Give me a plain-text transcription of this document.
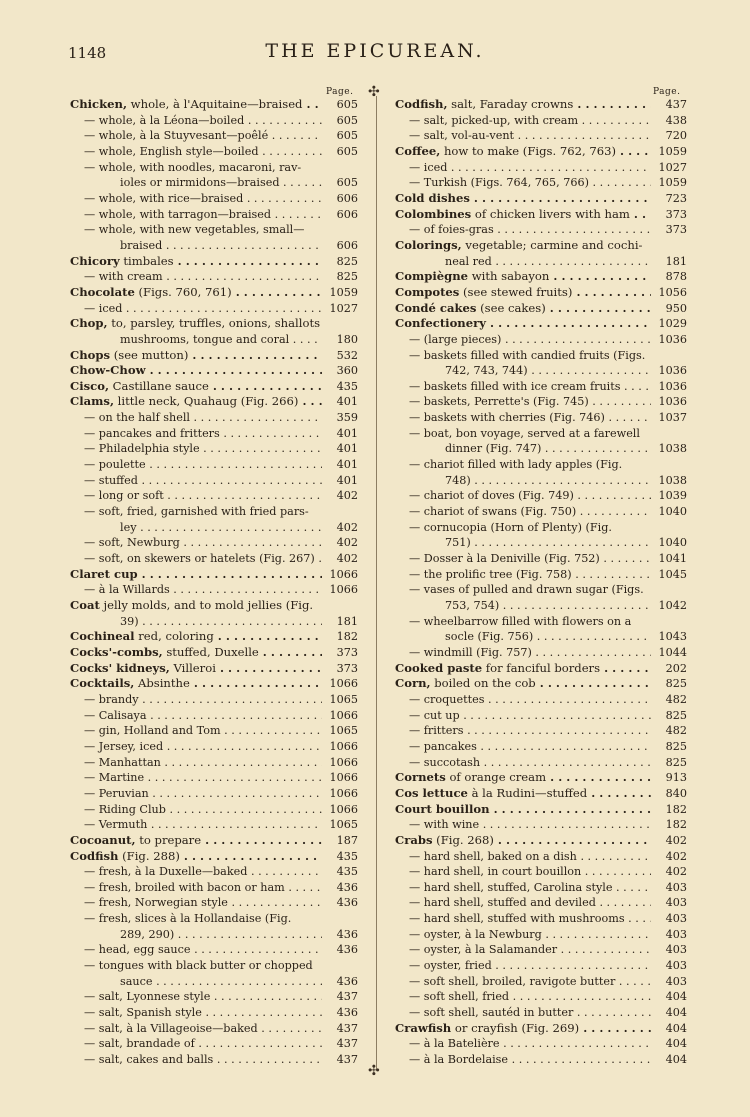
1148	THE EPICUREAN.
Page.	Page.
✣
✣
Chicken, whole, à l'Aquitaine—braised . . .	605
— whole, à la Léona—boiled . . .	605
— whole, à la Stuyvesant—poêlé . . .	605
— whole, English style—boiled . . .	605
— whole, with noodles, macaroni, rav-
ioles or mirmidons—braised . . .	605
— whole, with rice—braised . . .	606
— whole, with tarragon—braised . . .	606
— whole, with new vegetables, small—
braised . . .	606
Chicory timbales . . .	825
— with cream . . .	825
Chocolate (Figs. 760, 761) . . .	1059
— iced . . .	1027
Chop, to, parsley, truffles, onions, shallots
mushrooms, tongue and coral . . .	180
Chops (see mutton) . . .	532
Chow-Chow . . .	360
Cisco, Castillane sauce . . .	435
Clams, little neck, Quahaug (Fig. 266) . . .	401
— on the half shell . . .	359
— pancakes and fritters . . .	401
— Philadelphia style . . .	401
— poulette . . .	401
— stuffed . . .	401
— long or soft . . .	402
— soft, fried, garnished with fried pars-
ley . . .	402
— soft, Newburg . . .	402
— soft, on skewers or hatelets (Fig. 267) . . .	402
Claret cup . . .	1066
— à la Willards . . .	1066
Coat jelly molds, and to mold jellies (Fig.
39) . . .	181
Cochineal red, coloring . . .	182
Cocks'-combs, stuffed, Duxelle . . .	373
Cocks' kidneys, Villeroi . . .	373
Cocktails, Absinthe . . .	1066
— brandy . . .	1065
— Calisaya . . .	1066
— gin, Holland and Tom . . .	1065
— Jersey, iced . . .	1066
— Manhattan . . .	1066
— Martine . . .	1066
— Peruvian . . .	1066
— Riding Club . . .	1066
— Vermuth . . .	1065
Cocoanut, to prepare . . .	187
Codfish (Fig. 288) . . .	435
— fresh, à la Duxelle—baked . . .	435
— fresh, broiled with bacon or ham . . .	436
— fresh, Norwegian style . . .	436
— fresh, slices à la Hollandaise (Fig.
289, 290) . . .	436
— head, egg sauce . . .	436
— tongues with black butter or chopped
sauce . . .	436
— salt, Lyonnese style . . .	437
— salt, Spanish style . . .	436
— salt, à la Villageoise—baked . . .	437
— salt, brandade of . . .	437
— salt, cakes and balls . . .	437
Codfish, salt, Faraday crowns . . .	437
— salt, picked-up, with cream . . .	438
— salt, vol-au-vent . . .	720
Coffee, how to make (Figs. 762, 763) . . .	1059
— iced . . .	1027
— Turkish (Figs. 764, 765, 766) . . .	1059
Cold dishes . . .	723
Colombines of chicken livers with ham . . .	373
— of foies-gras . . .	373
Colorings, vegetable; carmine and cochi-
neal red . . .	181
Compiègne with sabayon . . .	878
Compotes (see stewed fruits) . . .	1056
Condé cakes (see cakes) . . .	950
Confectionery . . .	1029
— (large pieces) . . .	1036
— baskets filled with candied fruits (Figs.
742, 743, 744) . . .	1036
— baskets filled with ice cream fruits . . .	1036
— baskets, Perrette's (Fig. 745) . . .	1036
— baskets with cherries (Fig. 746) . . .	1037
— boat, bon voyage, served at a farewell
dinner (Fig. 747) . . .	1038
— chariot filled with lady apples (Fig.
748) . . .	1038
— chariot of doves (Fig. 749) . . .	1039
— chariot of swans (Fig. 750) . . .	1040
— cornucopia (Horn of Plenty) (Fig.
751) . . .	1040
— Dosser à la Deniville (Fig. 752) . . .	1041
— the prolific tree (Fig. 758) . . .	1045
— vases of pulled and drawn sugar (Figs.
753, 754) . . .	1042
— wheelbarrow filled with flowers on a
socle (Fig. 756) . . .	1043
— windmill (Fig. 757) . . .	1044
Cooked paste for fanciful borders . . .	202
Corn, boiled on the cob . . .	825
— croquettes . . .	482
— cut up . . .	825
— fritters . . .	482
— pancakes . . .	825
— succotash . . .	825
Cornets of orange cream . . .	913
Cos lettuce à la Rudini—stuffed . . .	840
Court bouillon . . .	182
— with wine . . .	182
Crabs (Fig. 268) . . .	402
— hard shell, baked on a dish . . .	402
— hard shell, in court bouillon . . .	402
— hard shell, stuffed, Carolina style . . .	403
— hard shell, stuffed and deviled . . .	403
— hard shell, stuffed with mushrooms . . .	403
— oyster, à la Newburg . . .	403
— oyster, à la Salamander . . .	403
— oyster, fried . . .	403
— soft shell, broiled, ravigote butter . . .	403
— soft shell, fried . . .	404
— soft shell, sautéd in butter . . .	404
Crawfish or crayfish (Fig. 269) . . .	404
— à la Batelière . . .	404
— à la Bordelaise . . .	404
